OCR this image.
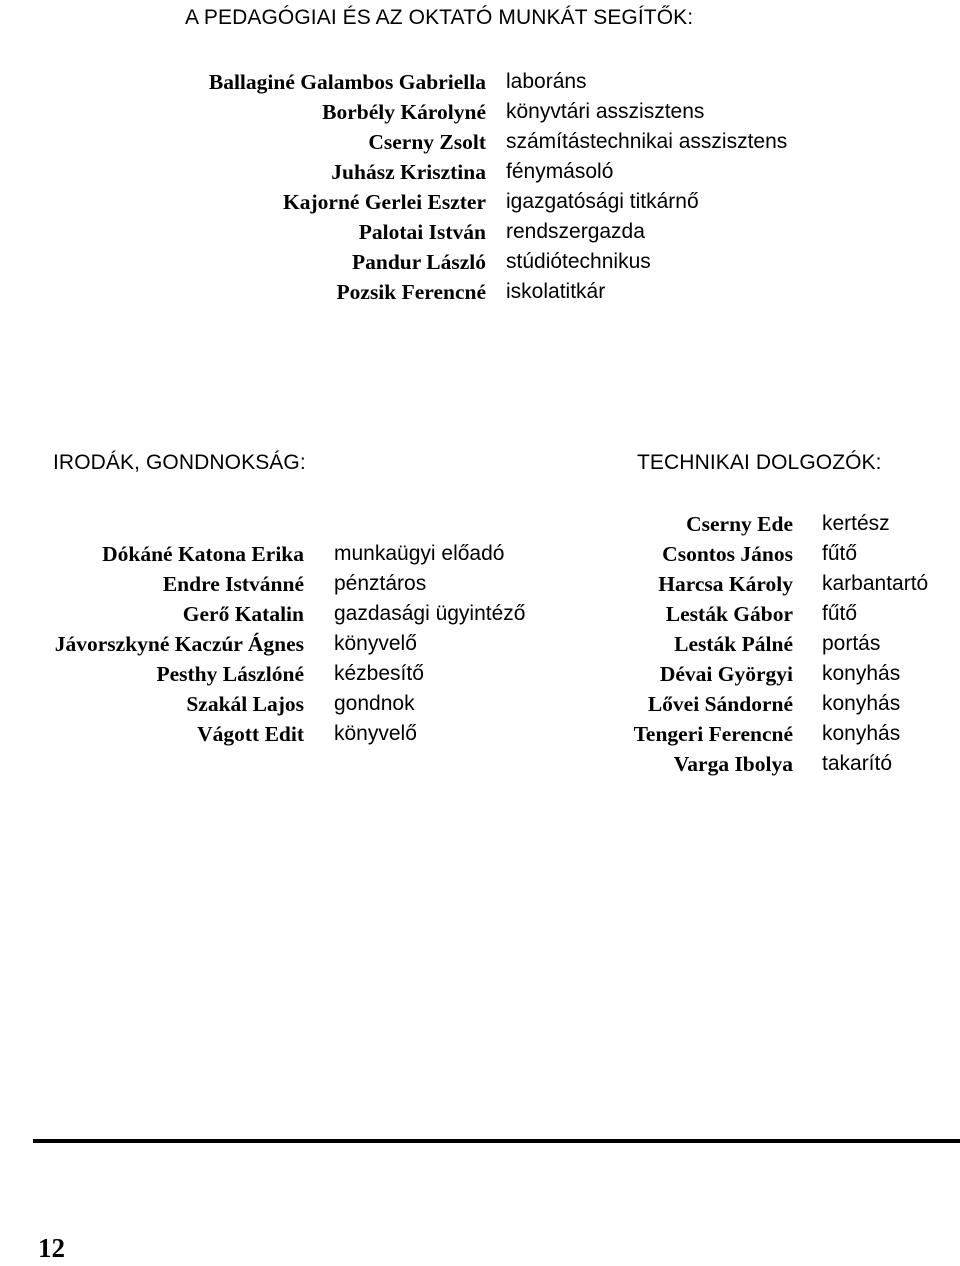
A PEDAGÓGIAI ÉS AZ OKTATÓ MUNKÁT SEGÍTŐK:
Ballaginé Galambos Gabriella laboráns
Borbély Károlyné könyvtári asszisztens
Cserny Zsolt számítástechnikai asszisztens
Juhász Krisztina fénymásoló
Kajorné Gerlei Eszter igazgatósági titkárnő
Palotai István rendszergazda
Pandur László stúdiótechnikus
Pozsik Ferencné iskolatitkár
IRODÁK, GONDNOKSÁG:	TECHNIKAI DOLGOZÓK:
Dókáné Katona Erika munkaügyi előadó
Endre Istvánné pénztáros
Gerő Katalin gazdasági ügyintéző
Jávorszkyné Kaczúr Ágnes könyvelő
Pesthy Lászlóné kézbesítő
Szakál Lajos gondnok
Vágott Edit könyvelő
Cserny Ede kertész
Csontos János fűtő
Harcsa Károly karbantartó
Lesták Gábor fűtő
Lesták Pálné portás
Dévai Györgyi konyhás
Lővei Sándorné konyhás
Tengeri Ferencné konyhás
Varga Ibolya takarító
12
